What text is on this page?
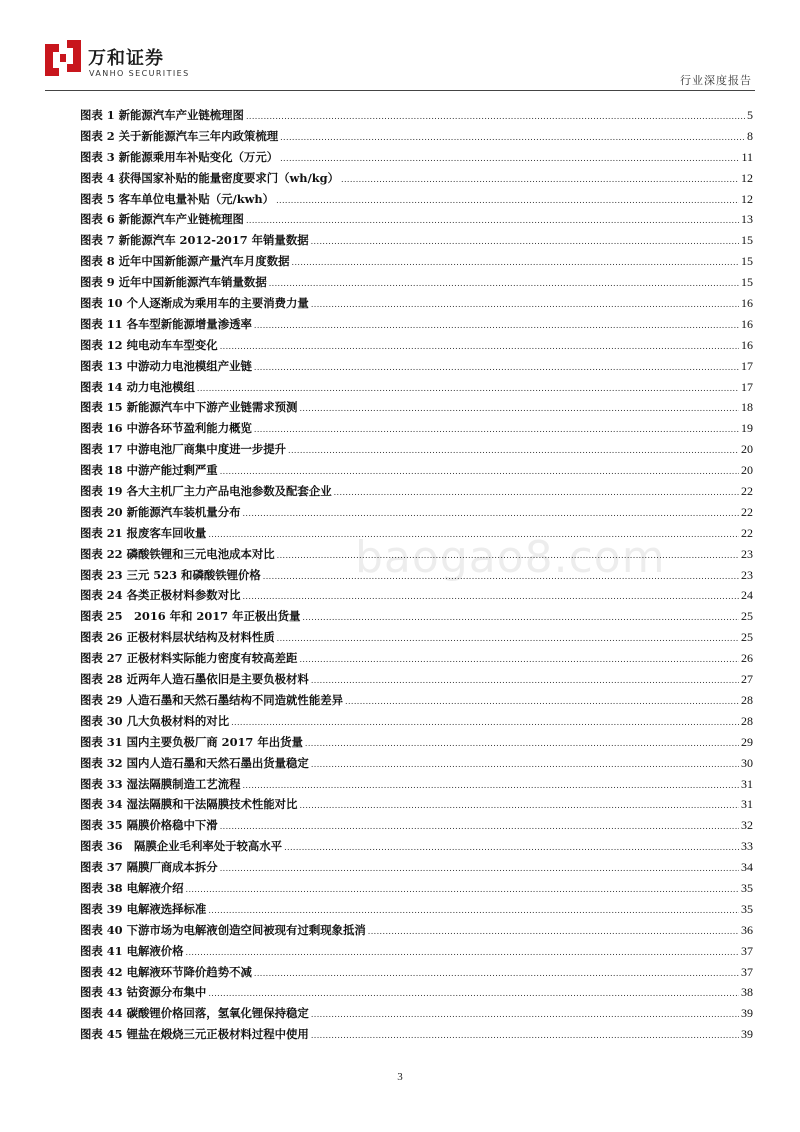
万和证券
VANHO SECURITIES
行业深度报告
图表 1 新能源汽车产业链梳理图 .....	5
图表 2 关于新能源汽车三年内政策梳理 .....	8
图表 3 新能源乘用车补贴变化（万元） .....	11
图表 4 获得国家补贴的能量密度要求门（wh/kg） .....	12
图表 5 客车单位电量补贴（元/kwh） .....	12
图表 6 新能源汽车产业链梳理图 .....	13
图表 7 新能源汽车 2012-2017 年销量数据 .....	15
图表 8 近年中国新能源产量汽车月度数据 .....	15
图表 9 近年中国新能源汽车销量数据 .....	15
图表 10 个人逐渐成为乘用车的主要消费力量 .....	16
图表 11 各车型新能源增量渗透率 .....	16
图表 12 纯电动车车型变化 .....	16
图表 13 中游动力电池模组产业链 .....	17
图表 14 动力电池模组 .....	17
图表 15 新能源汽车中下游产业链需求预测 .....	18
图表 16 中游各环节盈利能力概览 .....	19
图表 17 中游电池厂商集中度进一步提升 .....	20
图表 18 中游产能过剩严重 .....	20
图表 19 各大主机厂主力产品电池参数及配套企业 .....	22
图表 20 新能源汽车装机量分布 .....	22
图表 21 报废客车回收量 .....	22
图表 22 磷酸铁锂和三元电池成本对比 .....	23
图表 23 三元 523 和磷酸铁锂价格 .....	23
图表 24 各类正极材料参数对比 .....	24
图表 25　2016 年和 2017 年正极出货量 .....	25
图表 26 正极材料层状结构及材料性质 .....	25
图表 27 正极材料实际能力密度有较高差距 .....	26
图表 28 近两年人造石墨依旧是主要负极材料 .....	27
图表 29 人造石墨和天然石墨结构不同造就性能差异 .....	28
图表 30 几大负极材料的对比 .....	28
图表 31 国内主要负极厂商 2017 年出货量 .....	29
图表 32 国内人造石墨和天然石墨出货量稳定 .....	30
图表 33 湿法隔膜制造工艺流程 .....	31
图表 34 湿法隔膜和干法隔膜技术性能对比 .....	31
图表 35 隔膜价格稳中下滑 .....	32
图表 36　隔膜企业毛利率处于较高水平 .....	33
图表 37 隔膜厂商成本拆分 .....	34
图表 38 电解液介绍 .....	35
图表 39 电解液选择标准 .....	35
图表 40 下游市场为电解液创造空间被现有过剩现象抵消 .....	36
图表 41 电解液价格 .....	37
图表 42 电解液环节降价趋势不减 .....	37
图表 43 钴资源分布集中 .....	38
图表 44 碳酸锂价格回落，氢氧化锂保持稳定 .....	39
图表 45 锂盐在煅烧三元正极材料过程中使用 .....	39
baogao8.com
3
